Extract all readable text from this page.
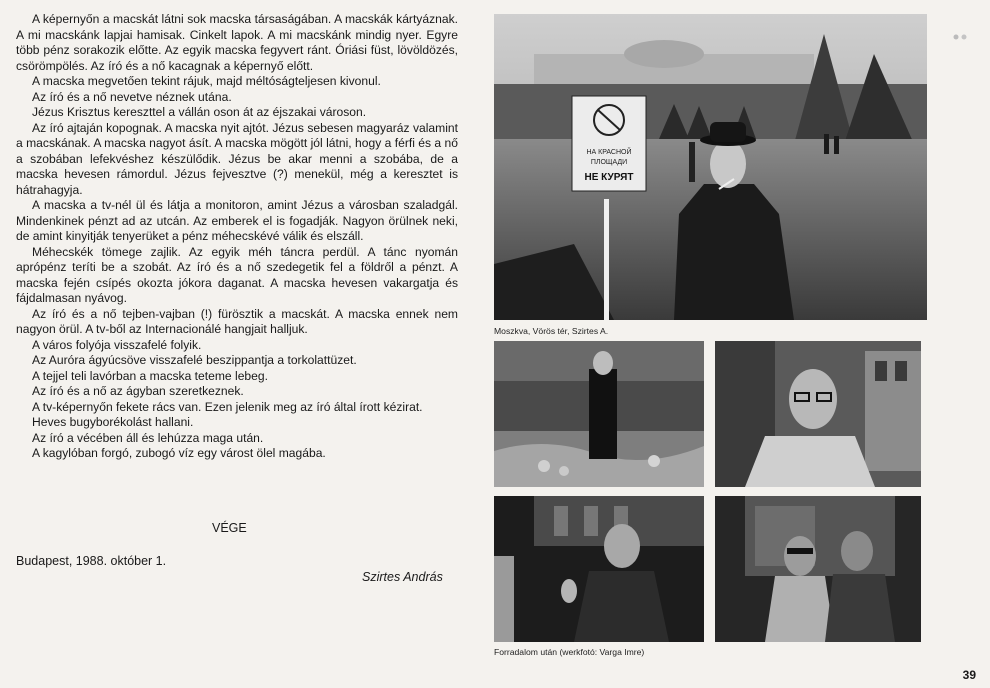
A képernyőn a macskát látni sok macska társaságában. A macskák kártyáznak. A mi macskánk lapjai hamisak. Cinkelt lapok. A mi macskánk mindig nyer. Egyre több pénz sorakozik előtte. Az egyik macska fegyvert ránt. Óriási füst, lövöldözés, csörömpölés. Az író és a nő kacagnak a képernyő előtt.

A macska megvetően tekint rájuk, majd méltóságteljesen kivonul.

Az író és a nő nevetve néznek utána.

Jézus Krisztus kereszttel a vállán oson át az éjszakai városon.

Az író ajtaján kopognak. A macska nyit ajtót. Jézus sebesen magyaráz valamint a macskának. A macska nagyot ásít. A macska mögött jól látni, hogy a férfi és a nő a szobában lefekvéshez készülődik. Jézus be akar menni a szobába, de a macska hevesen rámordul. Jézus fejvesztve (?) menekül, még a keresztet is hátrahagyja.

A macska a tv-nél ül és látja a monitoron, amint Jézus a városban szaladgál. Mindenkinek pénzt ad az utcán. Az emberek el is fogadják. Nagyon örülnek neki, de amint kinyitják tenyerüket a pénz méhecskévé válik és elszáll.

Méhecskék tömege zajlik. Az egyik méh táncra perdül. A tánc nyomán aprópénz teríti be a szobát. Az író és a nő szedegetik fel a földről a pénzt. A macska fején csípés okozta jókora daganat. A macska hevesen vakargatja és fájdalmasan nyávog.

Az író és a nő tejben-vajban (!) fürösztik a macskát. A macska ennek nem nagyon örül. A tv-ből az Internacionálé hangjait halljuk.

A város folyója visszafelé folyik.

Az Auróra ágyúcsöve visszafelé beszippantja a torkolattüzet.

A tejjel teli lavórban a macska teteme lebeg.

Az író és a nő az ágyban szeretkeznek.

A tv-képernyőn fekete rács van. Ezen jelenik meg az író által írott kézirat.

Heves bugyborékolást hallani.

Az író a vécében áll és lehúzza maga után.

A kagylóban forgó, zubogó víz egy várost ölel magába.

VÉGE
Budapest, 1988. október 1.
Szirtes András
НА КРАСНОЙ
ПЛОЩАДИ
НЕ КУРЯТ
Moszkva, Vörös tér, Szirtes A.
Forradalom után (werkfotó: Varga Imre)
39
